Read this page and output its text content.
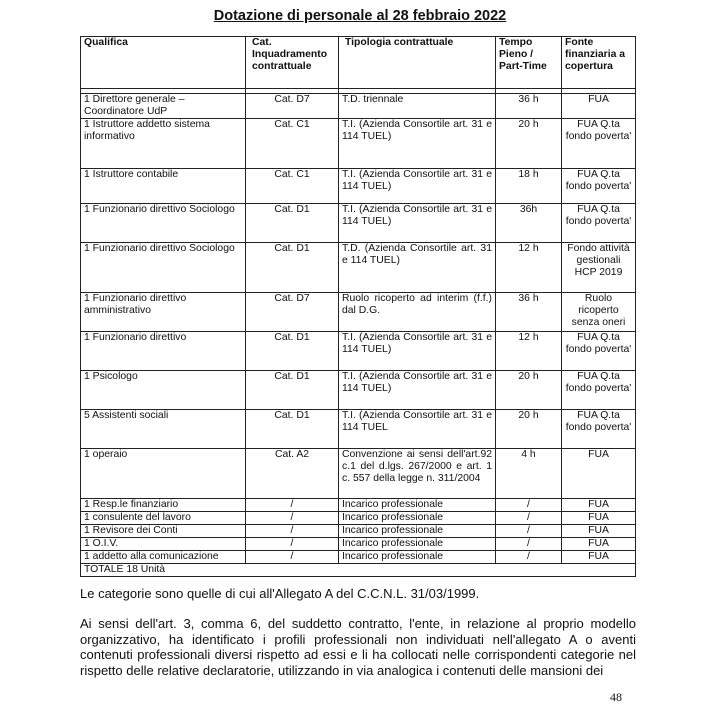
Dotazione di personale al 28 febbraio 2022
Qualifica	Cat. Inquadramento contrattuale	Tipologia contrattuale	Tempo Pieno / Part-Time	Fonte finanziaria a copertura

1 Direttore generale – Coordinatore UdP	Cat. D7	T.D. triennale	36 h	FUA
1 Istruttore addetto sistema informativo	Cat. C1	T.I. (Azienda Consortile art. 31 e 114 TUEL)	20 h	FUA Q.ta fondo poverta'
1 Istruttore contabile	Cat. C1	T.I. (Azienda Consortile art. 31 e 114 TUEL)	18 h	FUA Q.ta fondo poverta'
1 Funzionario direttivo Sociologo	Cat. D1	T.I. (Azienda Consortile art. 31 e 114 TUEL)	36h	FUA Q.ta fondo poverta'
1 Funzionario direttivo Sociologo	Cat. D1	T.D. (Azienda Consortile art. 31 e 114 TUEL)	12 h	Fondo attività gestionali HCP 2019
1 Funzionario direttivo amministrativo	Cat. D7	Ruolo ricoperto ad interim (f.f.) dal D.G.	36 h	Ruolo ricoperto senza oneri
1 Funzionario direttivo	Cat. D1	T.I. (Azienda Consortile art. 31 e 114 TUEL)	12 h	FUA Q.ta fondo poverta'
1 Psicologo	Cat. D1	T.I. (Azienda Consortile art. 31 e 114 TUEL)	20 h	FUA Q.ta fondo poverta'
5 Assistenti sociali	Cat. D1	T.I. (Azienda Consortile art. 31 e 114 TUEL	20 h	FUA Q.ta fondo poverta'
1 operaio	Cat. A2	Convenzione ai sensi dell'art.92 c.1 del d.lgs. 267/2000 e art. 1 c. 557 della legge n. 311/2004	4 h	FUA
1 Resp.le finanziario	/	Incarico professionale	/	FUA
1 consulente del lavoro	/	Incarico professionale	/	FUA
1 Revisore dei Conti	/	Incarico professionale	/	FUA
1 O.I.V.	/	Incarico professionale	/	FUA
1 addetto alla comunicazione	/	Incarico professionale	/	FUA
TOTALE 18 Unità				

Le categorie sono quelle di cui all'Allegato A del C.C.N.L. 31/03/1999.

Ai sensi dell'art. 3, comma 6, del suddetto contratto, l'ente, in relazione al proprio modello organizzativo, ha identificato i profili professionali non individuati nell'allegato A o aventi contenuti professionali diversi rispetto ad essi e li ha collocati nelle corrispondenti categorie nel rispetto delle relative declaratorie, utilizzando in via analogica i contenuti delle mansioni dei

48
